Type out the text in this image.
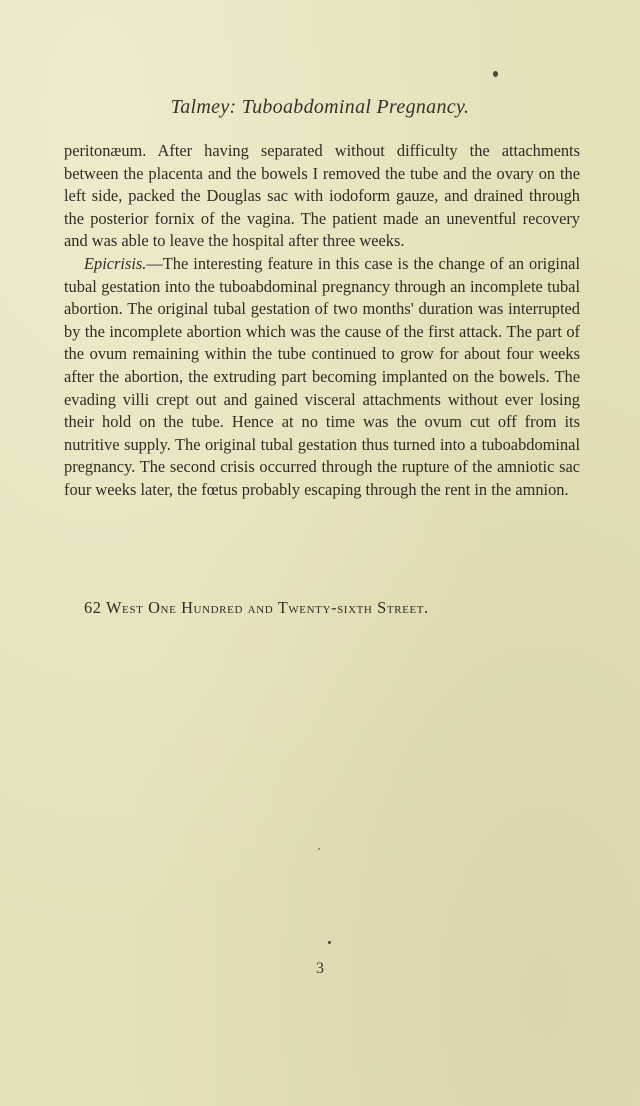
Talmey: Tuboabdominal Pregnancy.

peritonæum. After having separated without difficulty the attachments between the placenta and the bowels I removed the tube and the ovary on the left side, packed the Douglas sac with iodoform gauze, and drained through the posterior fornix of the vagina. The patient made an uneventful recovery and was able to leave the hospital after three weeks.

Epicrisis.—The interesting feature in this case is the change of an original tubal gestation into the tuboabdominal pregnancy through an incomplete tubal abortion. The original tubal gestation of two months' duration was interrupted by the incomplete abortion which was the cause of the first attack. The part of the ovum remaining within the tube continued to grow for about four weeks after the abortion, the extruding part becoming implanted on the bowels. The evading villi crept out and gained visceral attachments without ever losing their hold on the tube. Hence at no time was the ovum cut off from its nutritive supply. The original tubal gestation thus turned into a tuboabdominal pregnancy. The second crisis occurred through the rupture of the amniotic sac four weeks later, the fœtus probably escaping through the rent in the amnion.

62 West One Hundred and Twenty-sixth Street.
3
